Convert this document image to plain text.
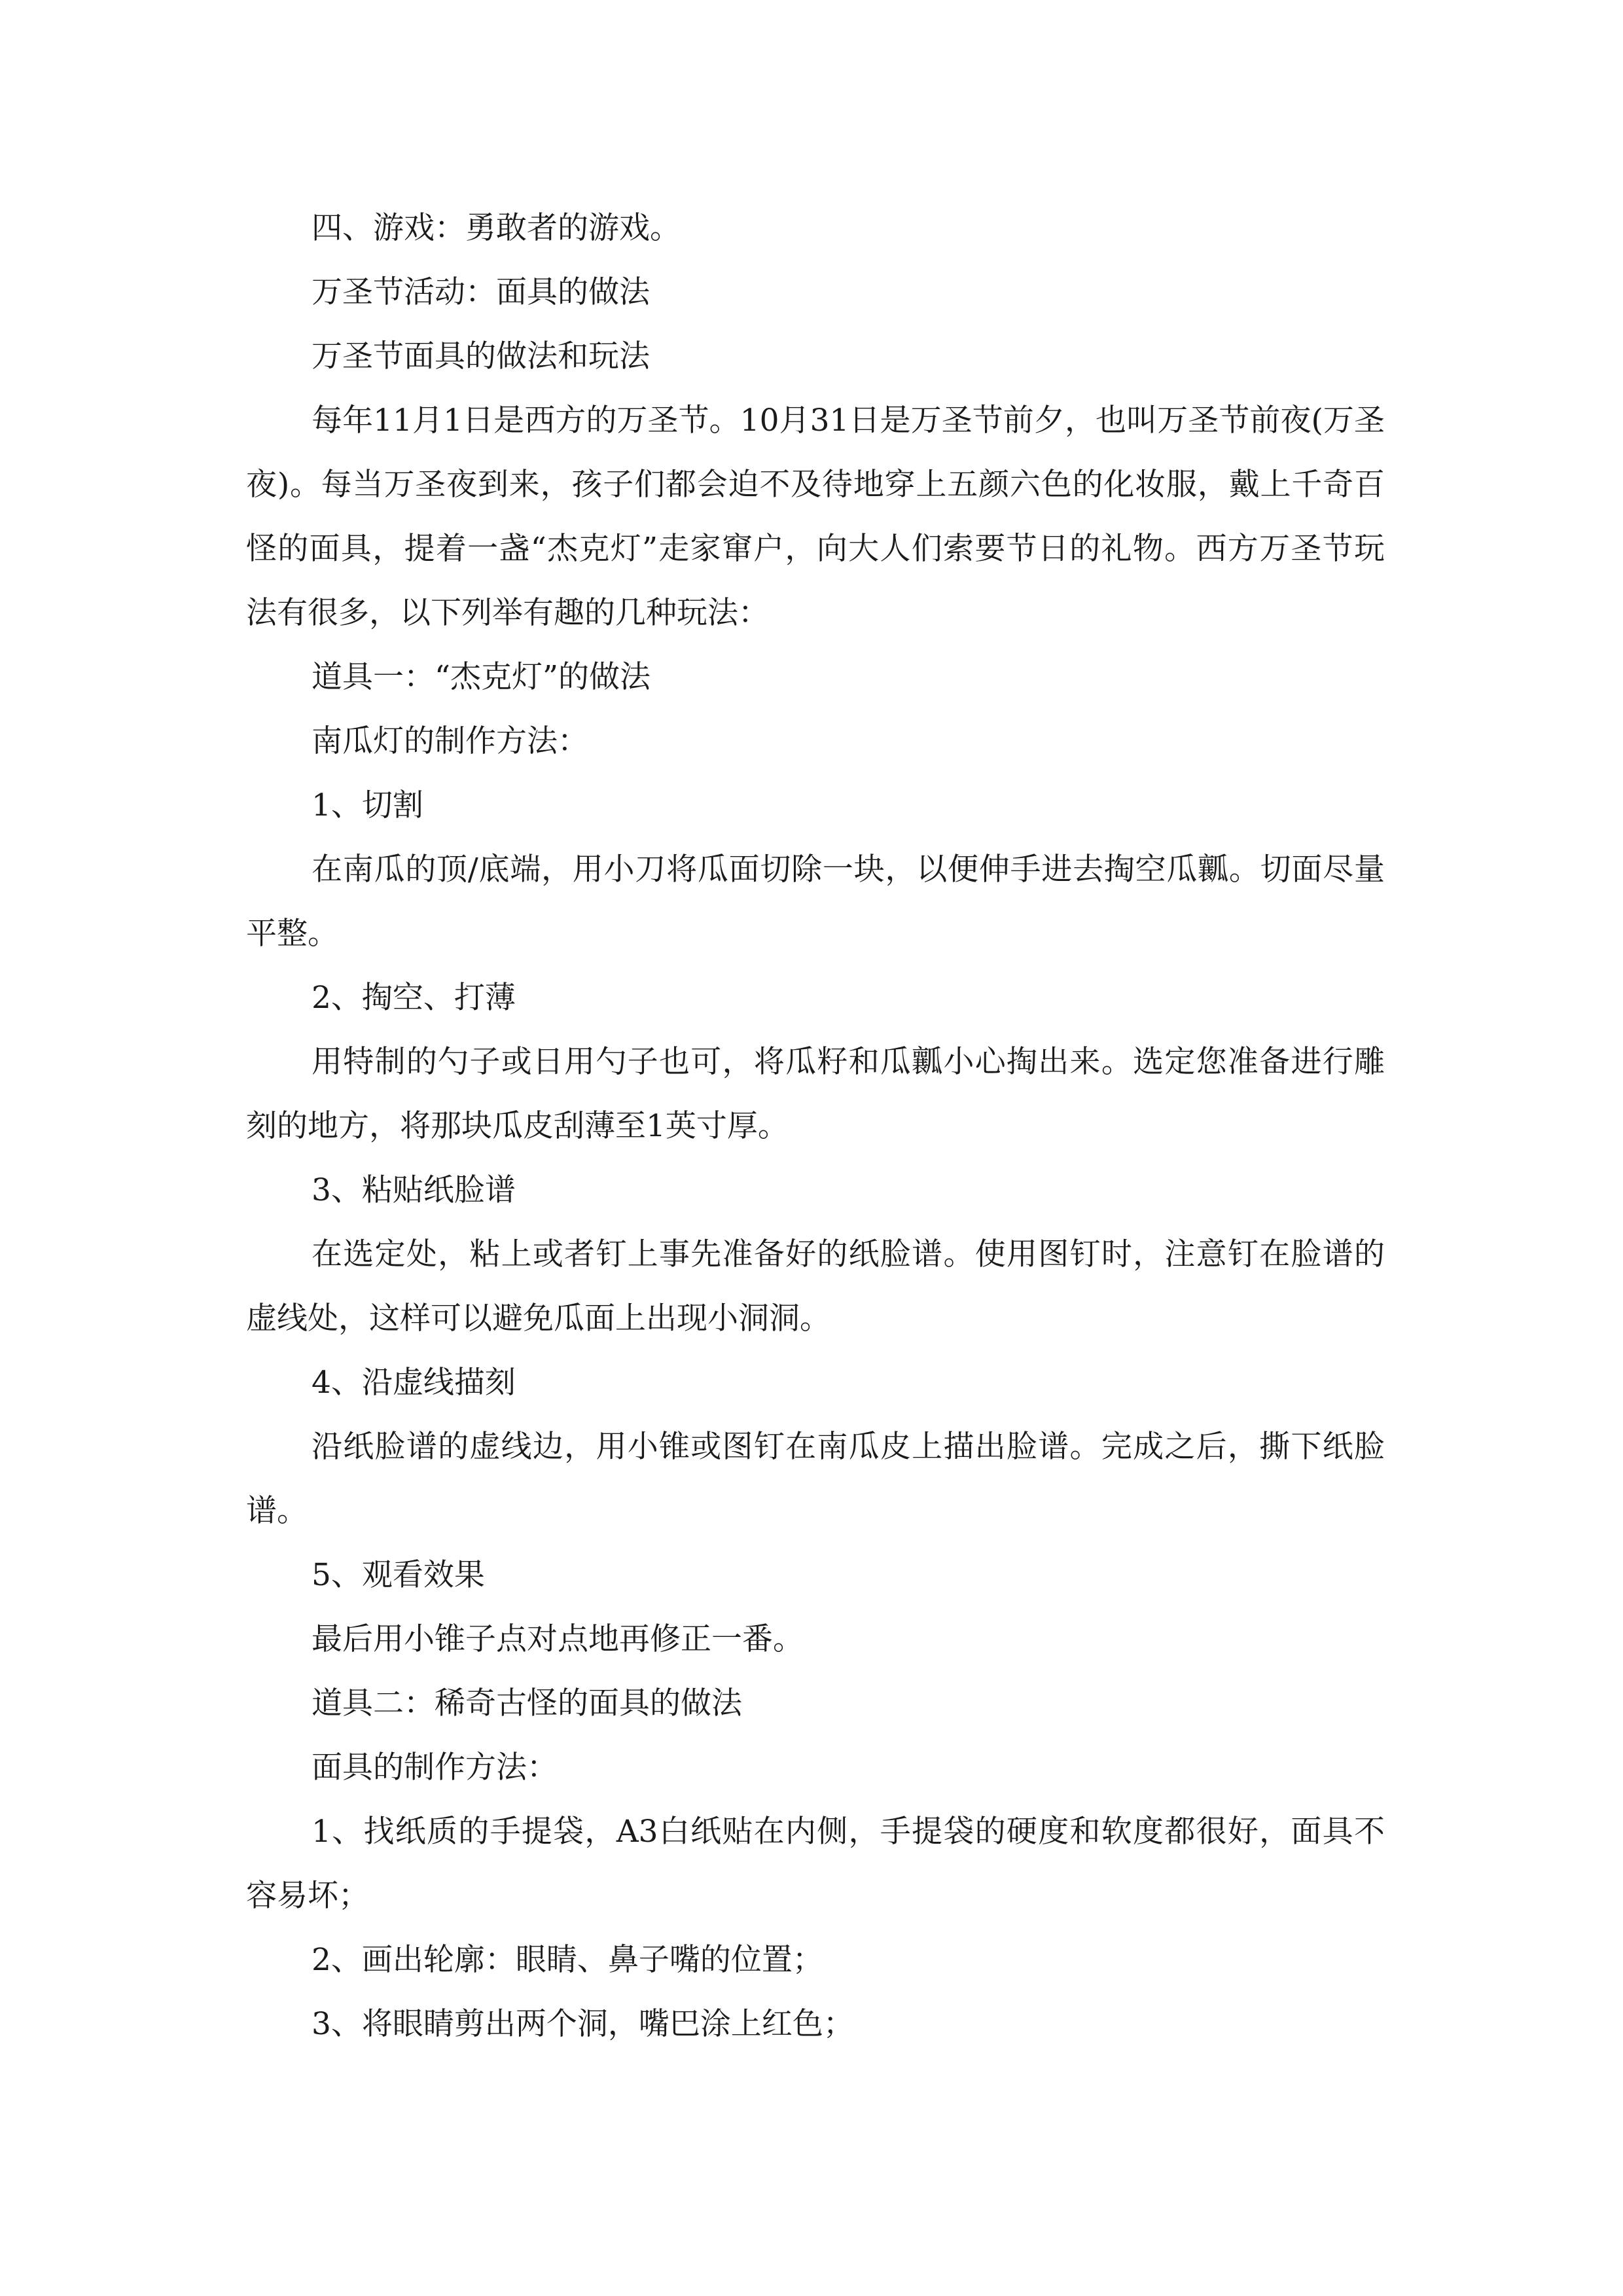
四、游戏：勇敢者的游戏。

万圣节活动：面具的做法

万圣节面具的做法和玩法

每年11月1日是西方的万圣节。10月31日是万圣节前夕，也叫万圣节前夜(万圣夜)。每当万圣夜到来，孩子们都会迫不及待地穿上五颜六色的化妆服，戴上千奇百怪的面具，提着一盏“杰克灯”走家窜户，向大人们索要节日的礼物。西方万圣节玩法有很多，以下列举有趣的几种玩法：

道具一：“杰克灯”的做法

南瓜灯的制作方法：

1、切割

在南瓜的顶/底端，用小刀将瓜面切除一块，以便伸手进去掏空瓜瓤。切面尽量平整。

2、掏空、打薄

用特制的勺子或日用勺子也可，将瓜籽和瓜瓤小心掏出来。选定您准备进行雕刻的地方，将那块瓜皮刮薄至1英寸厚。

3、粘贴纸脸谱

在选定处，粘上或者钉上事先准备好的纸脸谱。使用图钉时，注意钉在脸谱的虚线处，这样可以避免瓜面上出现小洞洞。

4、沿虚线描刻

沿纸脸谱的虚线边，用小锥或图钉在南瓜皮上描出脸谱。完成之后，撕下纸脸谱。

5、观看效果

最后用小锥子点对点地再修正一番。

道具二：稀奇古怪的面具的做法

面具的制作方法：

1、找纸质的手提袋，A3白纸贴在内侧，手提袋的硬度和软度都很好，面具不容易坏；

2、画出轮廓：眼睛、鼻子嘴的位置；

3、将眼睛剪出两个洞，嘴巴涂上红色；
